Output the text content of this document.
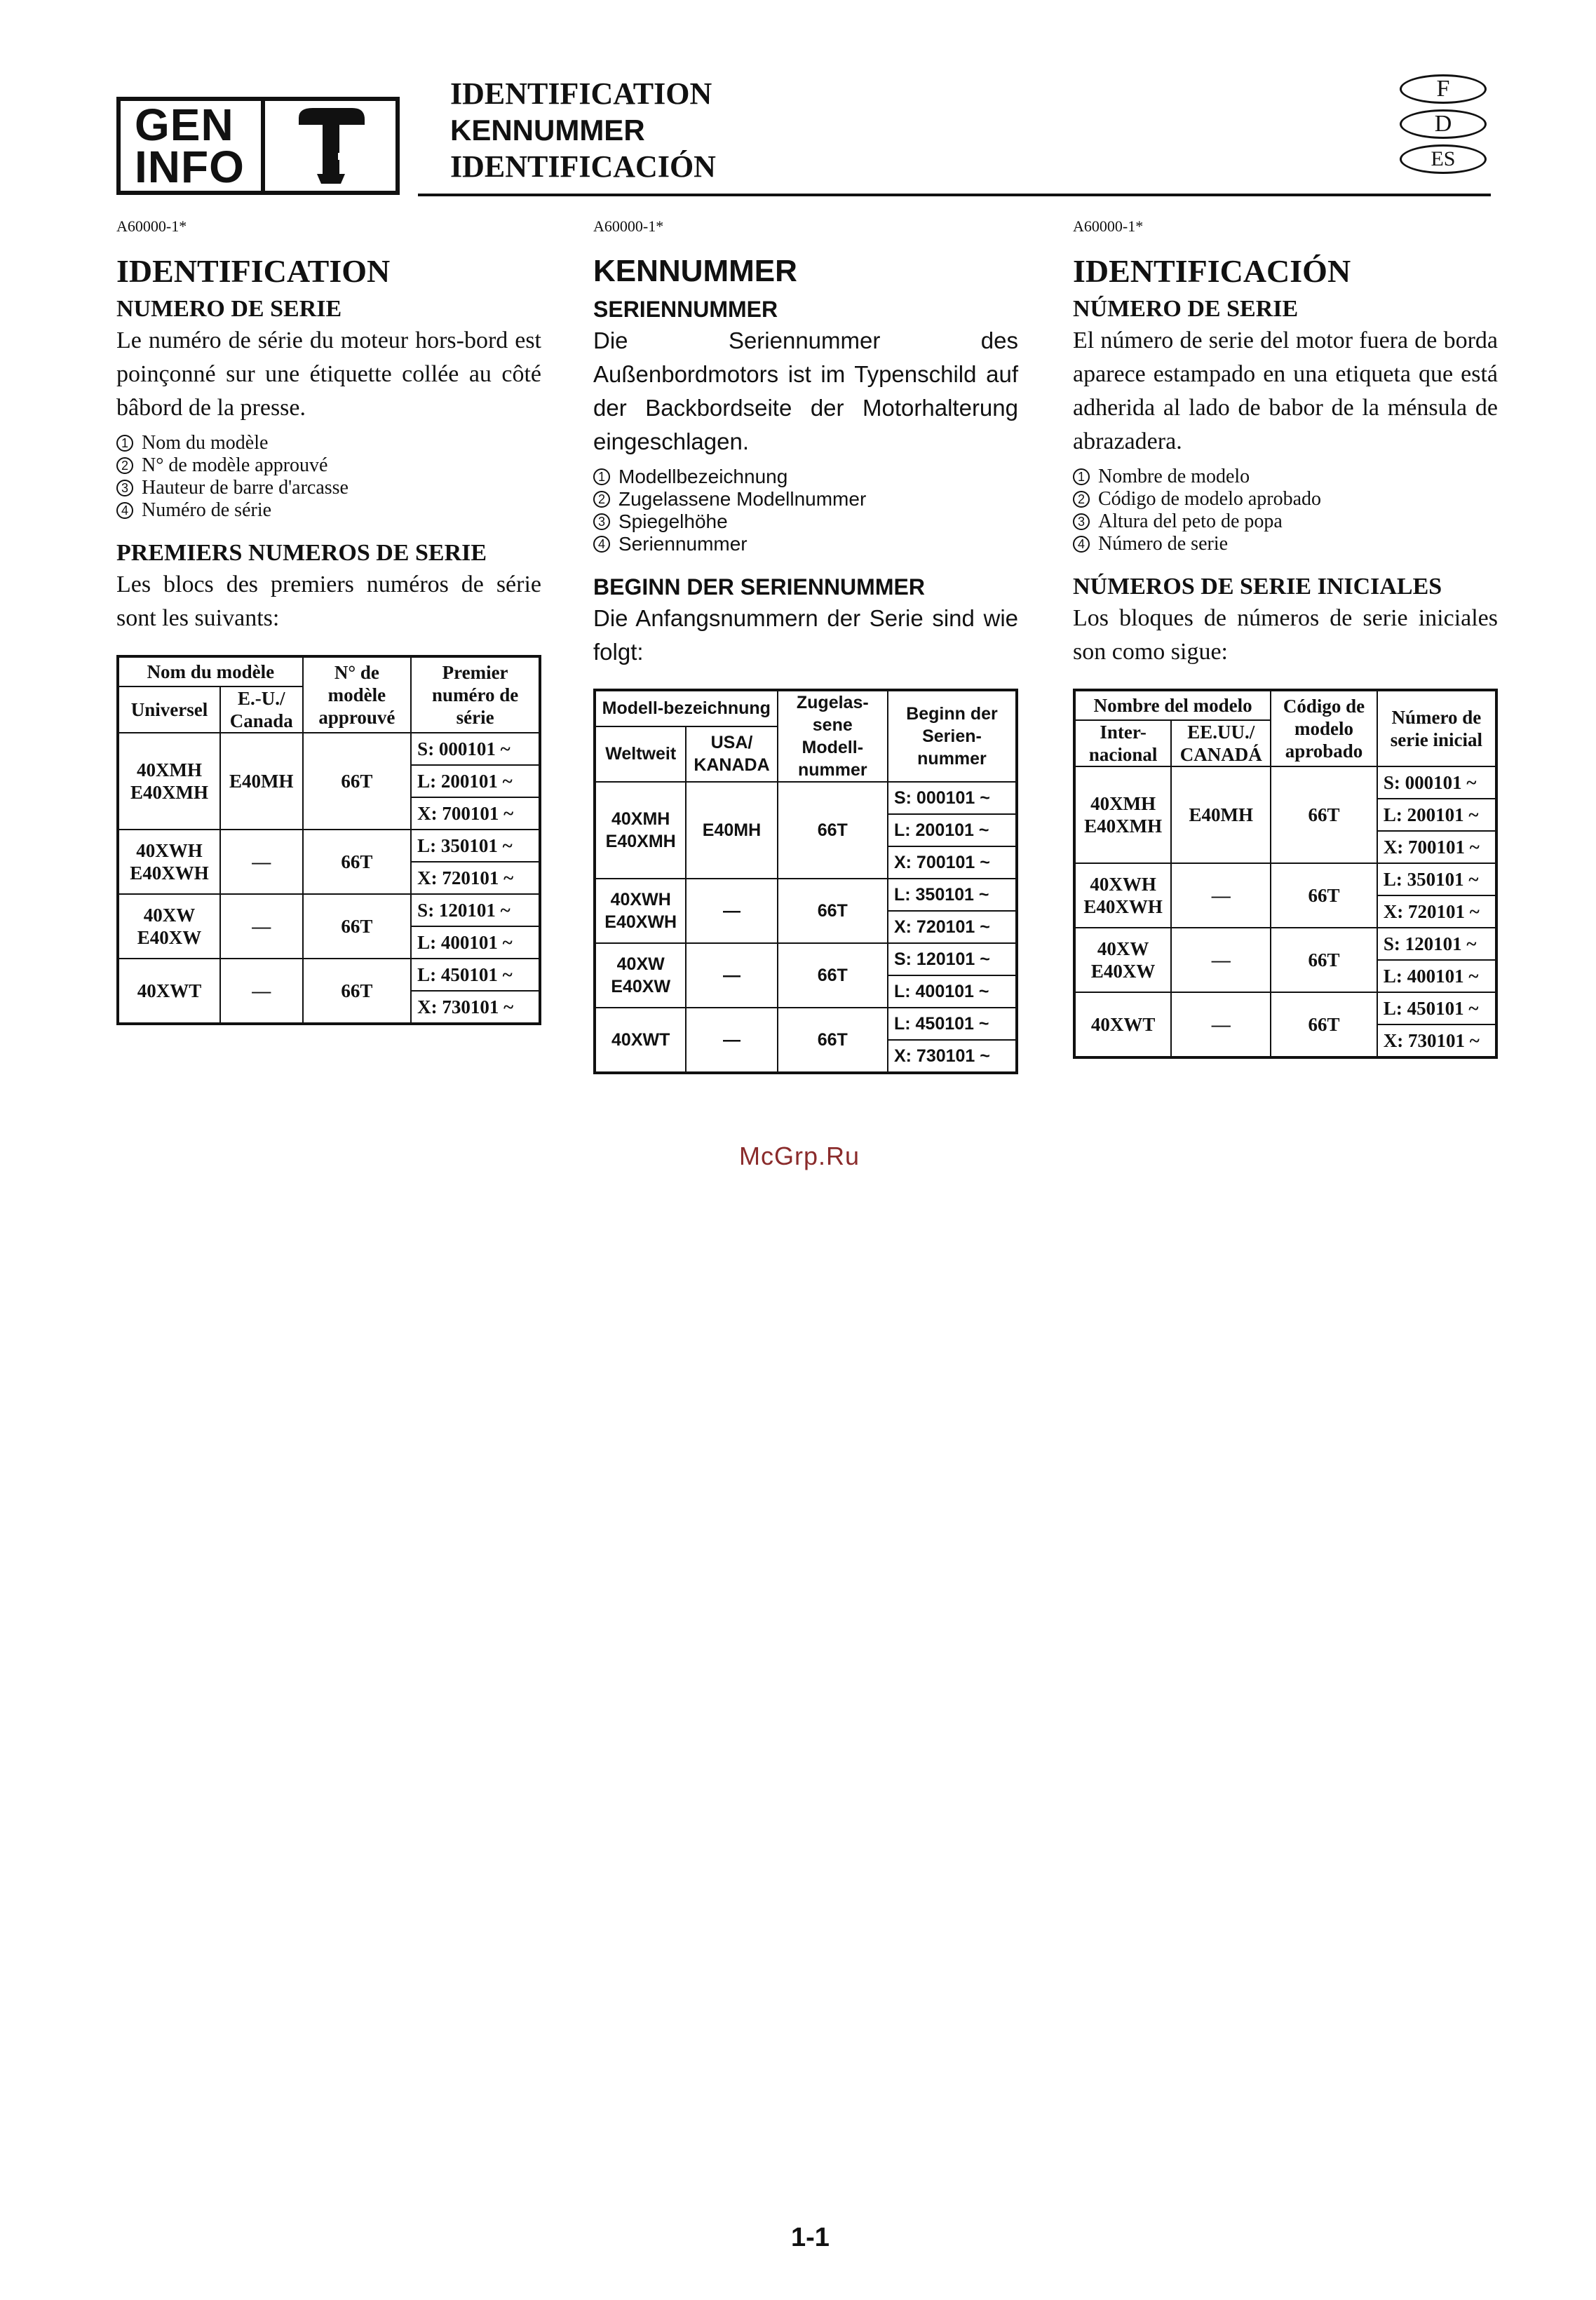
GEN
INFO
IDENTIFICATION
KENNUMMER
IDENTIFICACIÓN
F
D
ES
A60000-1*
IDENTIFICATION
NUMERO DE SERIE
Le numéro de série du moteur hors-bord est poinçonné sur une étiquette collée au côté bâbord de la presse.
1 Nom du modèle
2 N° de modèle approuvé
3 Hauteur de barre d'arcasse
4 Numéro de série
PREMIERS NUMEROS DE SERIE
Les blocs des premiers numéros de série sont les suivants:
Nom du modèle		N° de modèle approuvé	Premier numéro de série
Universel	E.-U./ Canada		
40XMH E40XMH	E40MH	66T	S: 000101 ~
			L: 200101 ~
			X: 700101 ~
40XWH E40XWH	—	66T	L: 350101 ~
			X: 720101 ~
40XW E40XW	—	66T	S: 120101 ~
			L: 400101 ~
40XWT	—	66T	L: 450101 ~
			X: 730101 ~
A60000-1*
KENNUMMER
SERIENNUMMER
Die Seriennummer des Außenbordmotors ist im Typenschild auf der Backbordseite der Motorhalterung eingeschlagen.
1 Modellbezeichnung
2 Zugelassene Modellnummer
3 Spiegelhöhe
4 Seriennummer
BEGINN DER SERIENNUMMER
Die Anfangsnummern der Serie sind wie folgt:
Modell-bezeichnung		Zugelas-sene Modell-nummer	Beginn der Serien-nummer
Weltweit	USA/ KANADA		
40XMH E40XMH	E40MH	66T	S: 000101 ~
			L: 200101 ~
			X: 700101 ~
40XWH E40XWH	—	66T	L: 350101 ~
			X: 720101 ~
40XW E40XW	—	66T	S: 120101 ~
			L: 400101 ~
40XWT	—	66T	L: 450101 ~
			X: 730101 ~
A60000-1*
IDENTIFICACIÓN
NÚMERO DE SERIE
El número de serie del motor fuera de borda aparece estampado en una etiqueta que está adherida al lado de babor de la ménsula de abrazadera.
1 Nombre de modelo
2 Código de modelo aprobado
3 Altura del peto de popa
4 Número de serie
NÚMEROS DE SERIE INICIALES
Los bloques de números de serie iniciales son como sigue:
Nombre del modelo		Código de modelo aprobado	Número de serie inicial
Inter-nacional	EE.UU./ CANADÁ		
40XMH E40XMH	E40MH	66T	S: 000101 ~
			L: 200101 ~
			X: 700101 ~
40XWH E40XWH	—	66T	L: 350101 ~
			X: 720101 ~
40XW E40XW	—	66T	S: 120101 ~
			L: 400101 ~
40XWT	—	66T	L: 450101 ~
			X: 730101 ~
McGrp.Ru
1-1
